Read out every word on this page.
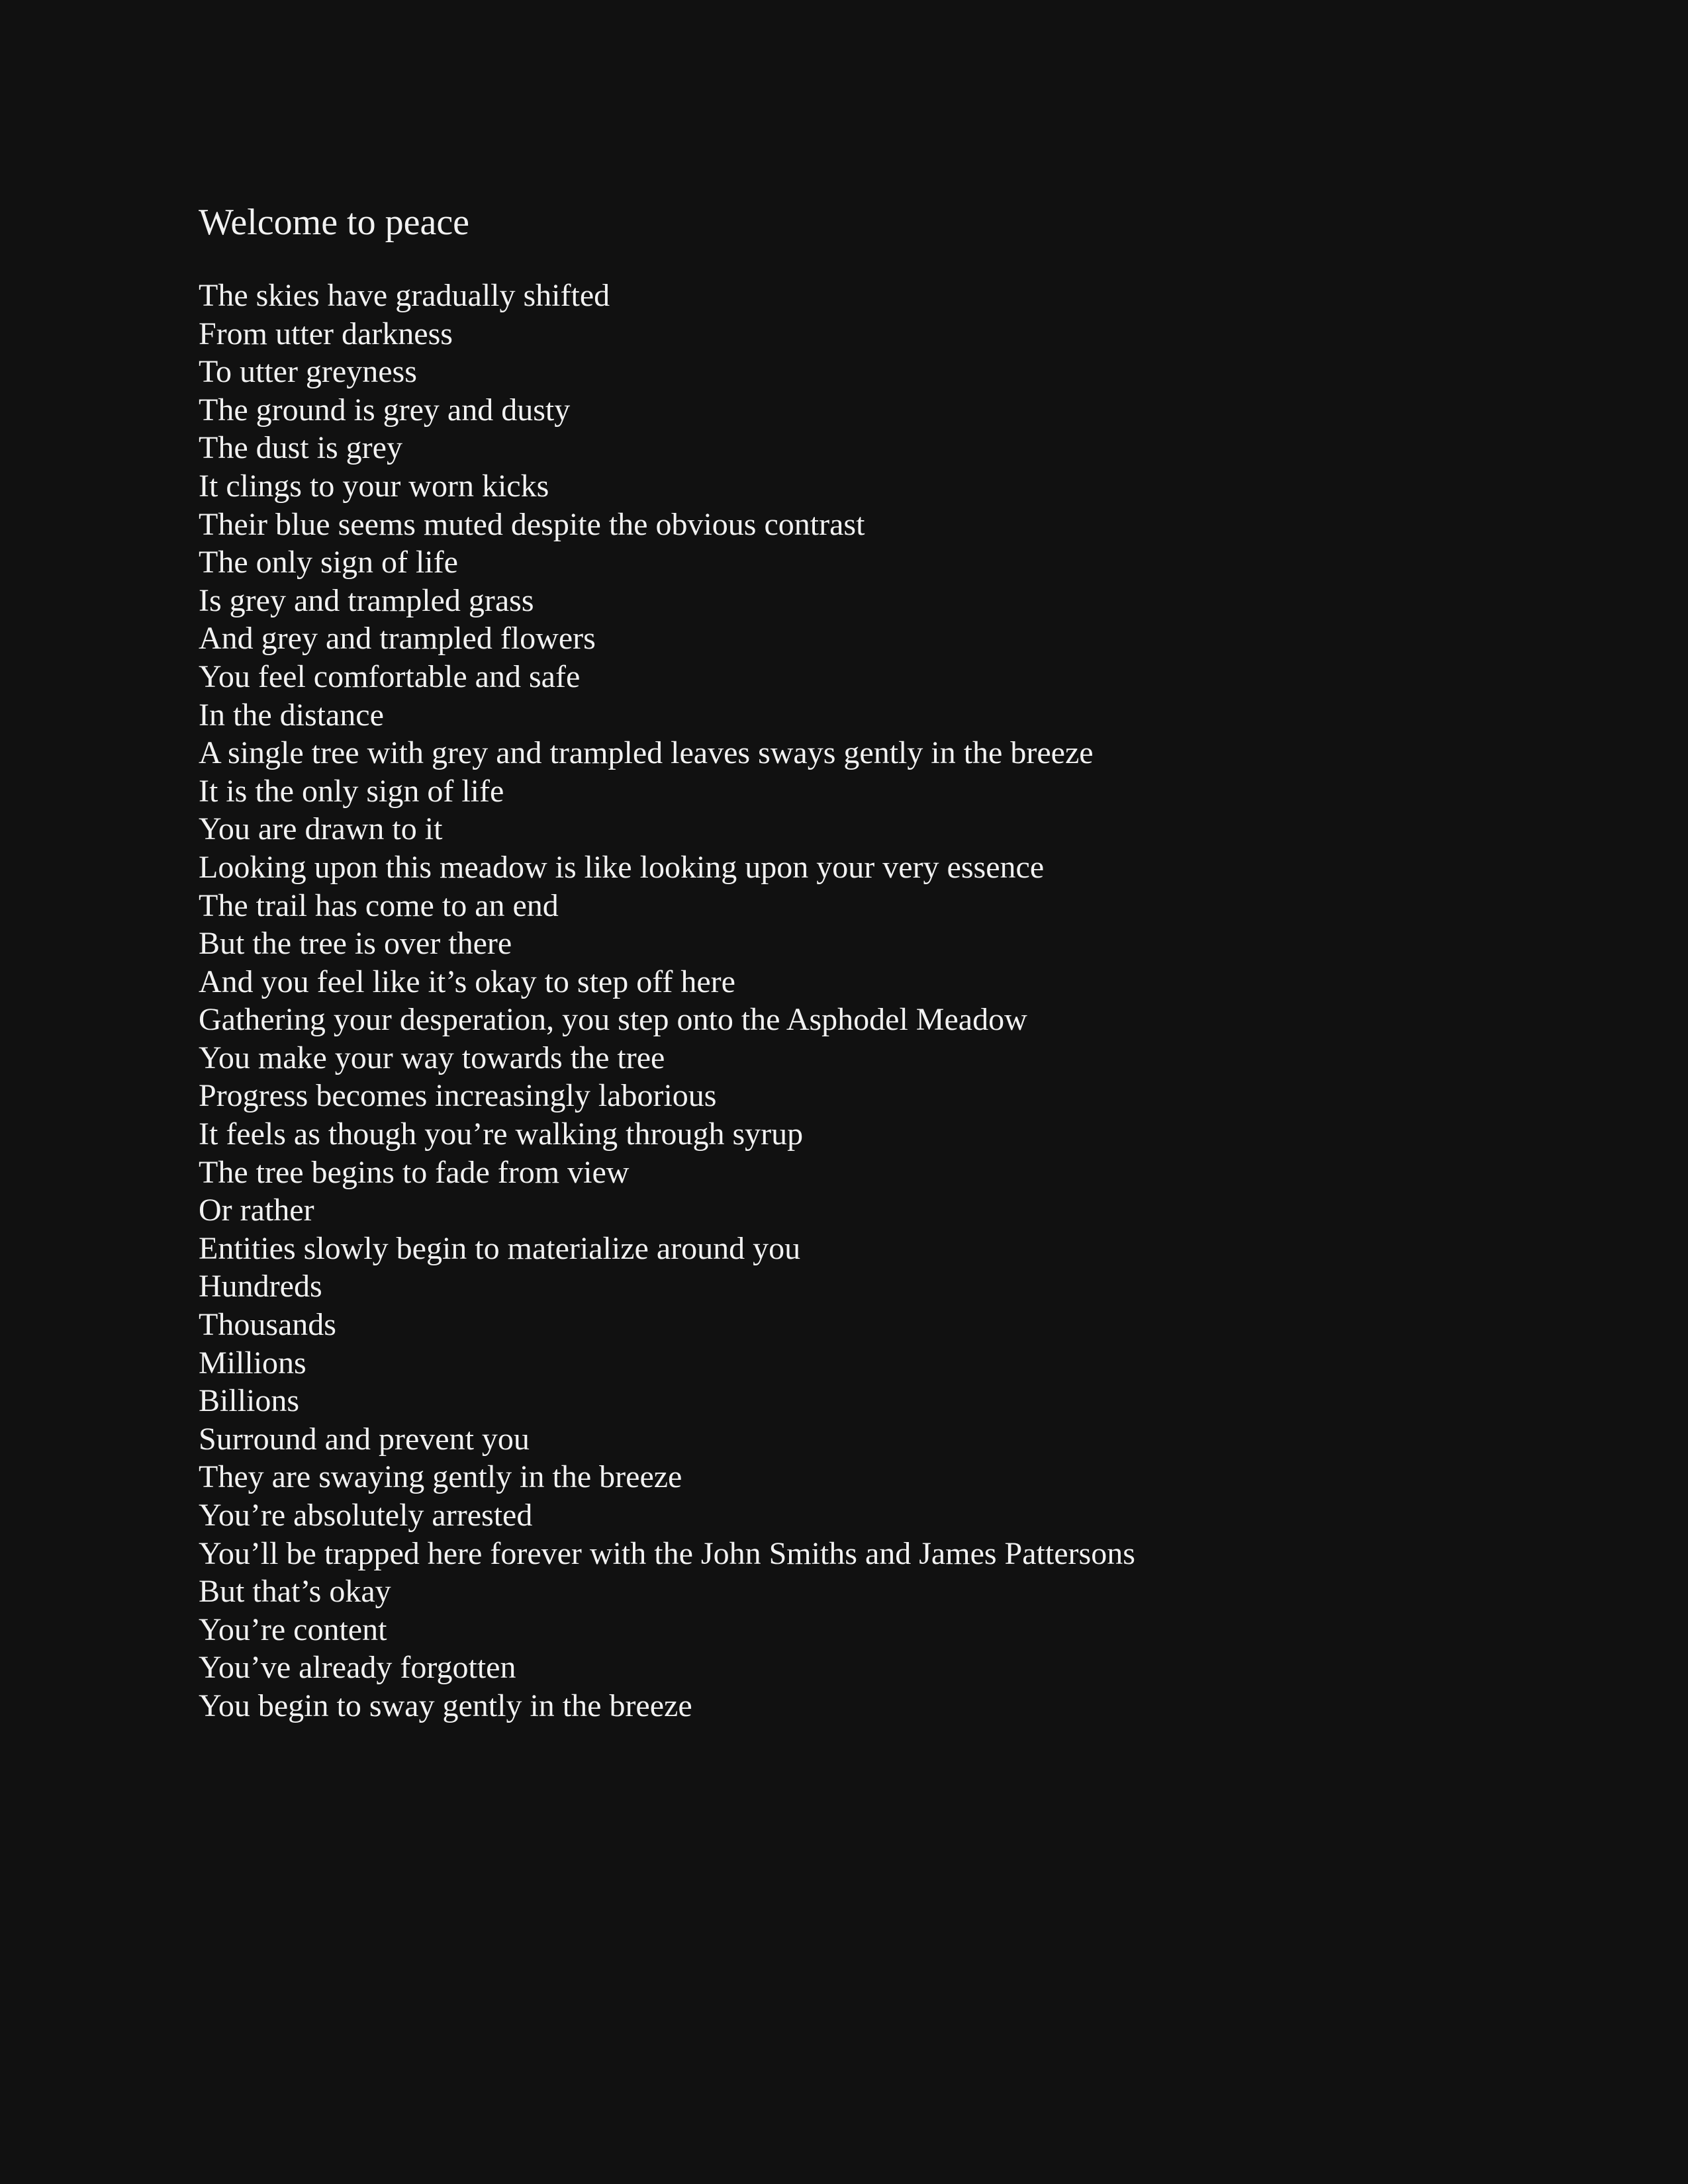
Welcome to peace
The skies have gradually shifted
From utter darkness
To utter greyness
The ground is grey and dusty
The dust is grey
It clings to your worn kicks
Their blue seems muted despite the obvious contrast
The only sign of life
Is grey and trampled grass
And grey and trampled flowers
You feel comfortable and safe
In the distance
A single tree with grey and trampled leaves sways gently in the breeze
It is the only sign of life
You are drawn to it
Looking upon this meadow is like looking upon your very essence
The trail has come to an end
But the tree is over there
And you feel like it’s okay to step off here
Gathering your desperation, you step onto the Asphodel Meadow
You make your way towards the tree
Progress becomes increasingly laborious
It feels as though you’re walking through syrup
The tree begins to fade from view
Or rather
Entities slowly begin to materialize around you
Hundreds
Thousands
Millions
Billions
Surround and prevent you
They are swaying gently in the breeze
You’re absolutely arrested
You’ll be trapped here forever with the John Smiths and James Pattersons
But that’s okay
You’re content
You’ve already forgotten
You begin to sway gently in the breeze
